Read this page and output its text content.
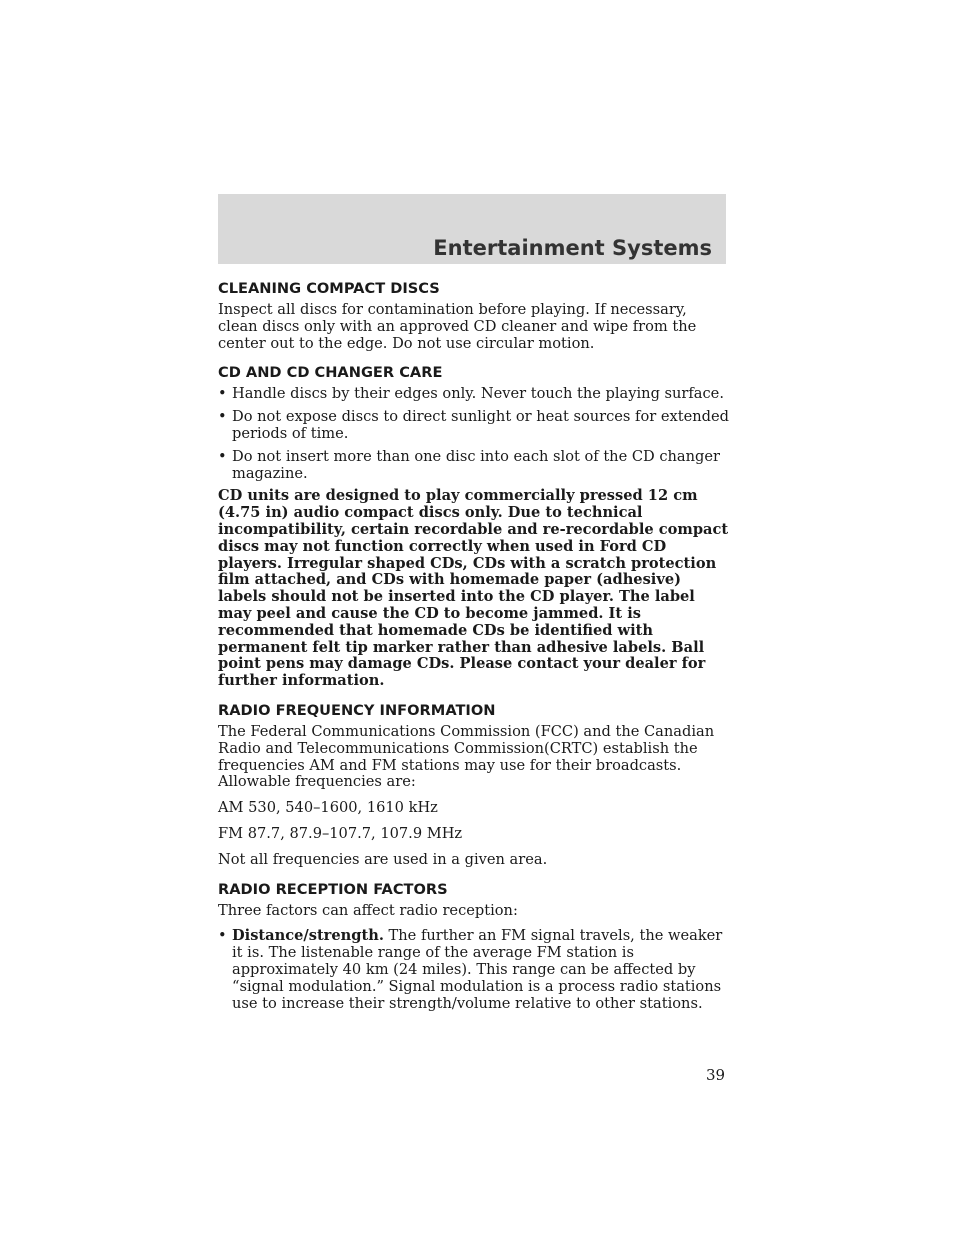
Entertainment Systems
CLEANING COMPACT DISCS

Inspect all discs for contamination before playing. If necessary, clean discs only with an approved CD cleaner and wipe from the center out to the edge. Do not use circular motion.

CD AND CD CHANGER CARE
• Handle discs by their edges only. Never touch the playing surface.
• Do not expose discs to direct sunlight or heat sources for extended periods of time.
• Do not insert more than one disc into each slot of the CD changer magazine.

CD units are designed to play commercially pressed 12 cm (4.75 in) audio compact discs only. Due to technical incompatibility, certain recordable and re-recordable compact discs may not function correctly when used in Ford CD players. Irregular shaped CDs, CDs with a scratch protection film attached, and CDs with homemade paper (adhesive) labels should not be inserted into the CD player. The label may peel and cause the CD to become jammed. It is recommended that homemade CDs be identified with permanent felt tip marker rather than adhesive labels. Ball point pens may damage CDs. Please contact your dealer for further information.

RADIO FREQUENCY INFORMATION

The Federal Communications Commission (FCC) and the Canadian Radio and Telecommunications Commission(CRTC) establish the frequencies AM and FM stations may use for their broadcasts. Allowable frequencies are:

AM 530, 540–1600, 1610 kHz

FM 87.7, 87.9–107.7, 107.9 MHz

Not all frequencies are used in a given area.

RADIO RECEPTION FACTORS

Three factors can affect radio reception:

• Distance/strength. The further an FM signal travels, the weaker it is. The listenable range of the average FM station is approximately 40 km (24 miles). This range can be affected by “signal modulation.” Signal modulation is a process radio stations use to increase their strength/volume relative to other stations.
39
